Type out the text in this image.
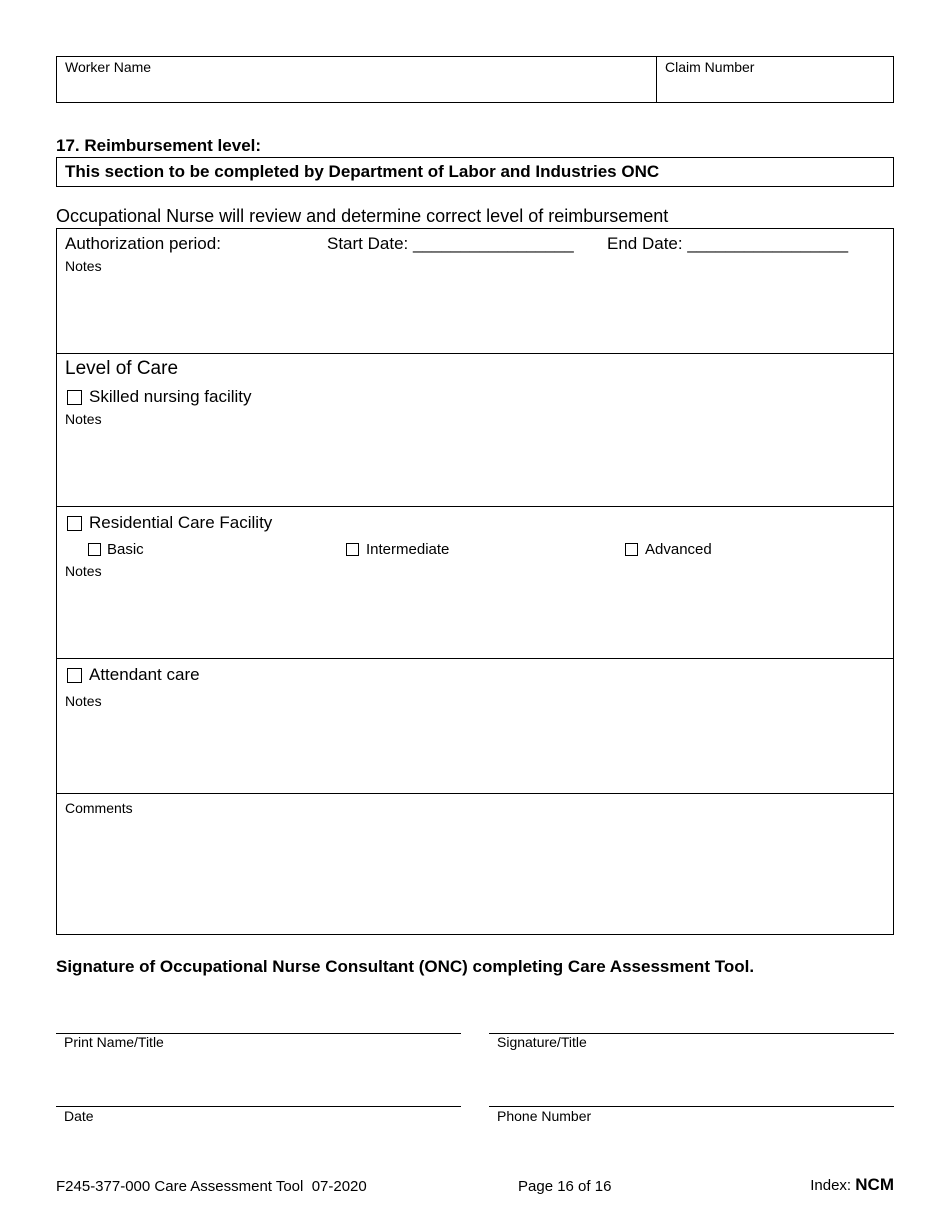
Worker Name	Claim Number
17. Reimbursement level:
This section to be completed by Department of Labor and Industries ONC
Occupational Nurse will review and determine correct level of reimbursement
Authorization period:	Start Date: _________________ End Date: _________________
Notes
Level of Care
Skilled nursing facility
Notes
Residential Care Facility
Basic	Intermediate	Advanced
Notes
Attendant care
Notes
Comments
Signature of Occupational Nurse Consultant (ONC) completing Care Assessment Tool.
Print Name/Title	Signature/Title
Date	Phone Number
F245-377-000 Care Assessment Tool  07-2020	Page 16 of 16	Index: NCM
